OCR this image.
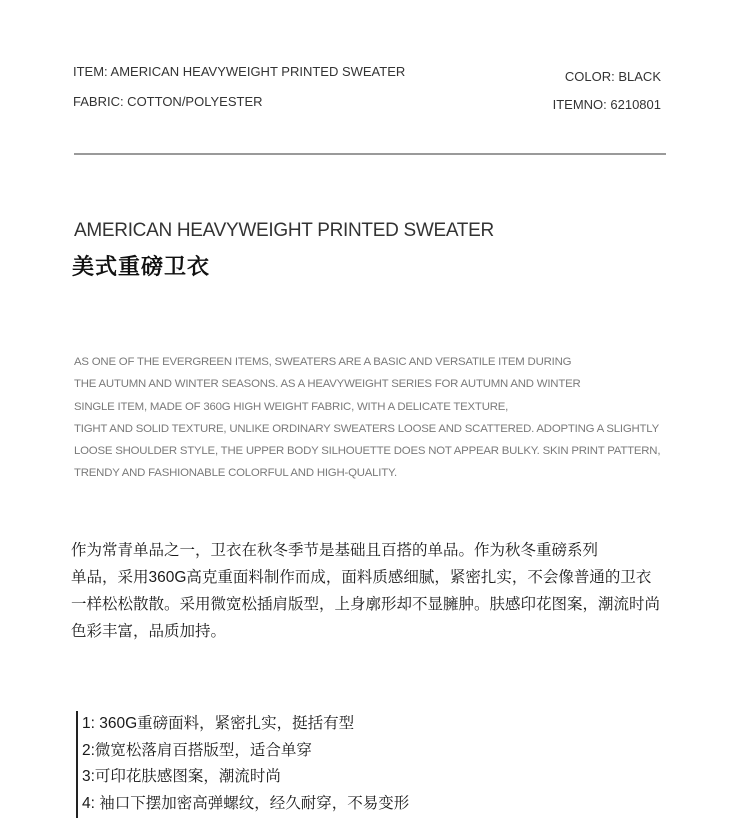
ITEM: AMERICAN HEAVYWEIGHT PRINTED SWEATER
FABRIC: COTTON/POLYESTER
COLOR: BLACK
ITEMNO: 6210801
AMERICAN HEAVYWEIGHT PRINTED SWEATER
美式重磅卫衣
AS ONE OF THE EVERGREEN ITEMS, SWEATERS ARE A BASIC AND VERSATILE ITEM DURING
THE AUTUMN AND WINTER SEASONS. AS A HEAVYWEIGHT SERIES FOR AUTUMN AND WINTER
SINGLE ITEM, MADE OF 360G HIGH WEIGHT FABRIC, WITH A DELICATE TEXTURE,
TIGHT AND SOLID TEXTURE, UNLIKE ORDINARY SWEATERS LOOSE AND SCATTERED. ADOPTING A SLIGHTLY
LOOSE SHOULDER STYLE, THE UPPER BODY SILHOUETTE DOES NOT APPEAR BULKY. SKIN PRINT PATTERN,
TRENDY AND FASHIONABLE COLORFUL AND HIGH-QUALITY.
作为常青单品之一，卫衣在秋冬季节是基础且百搭的单品。作为秋冬重磅系列
单品，采用360G高克重面料制作而成，面料质感细腻，紧密扎实，不会像普通的卫衣
一样松松散散。采用微宽松插肩版型，上身廓形却不显臃肿。肤感印花图案，潮流时尚
色彩丰富，品质加持。
1: 360G重磅面料，紧密扎实，挺括有型
2:微宽松落肩百搭版型，适合单穿
3:可印花肤感图案，潮流时尚
4: 袖口下摆加密高弹螺纹，经久耐穿，不易变形
